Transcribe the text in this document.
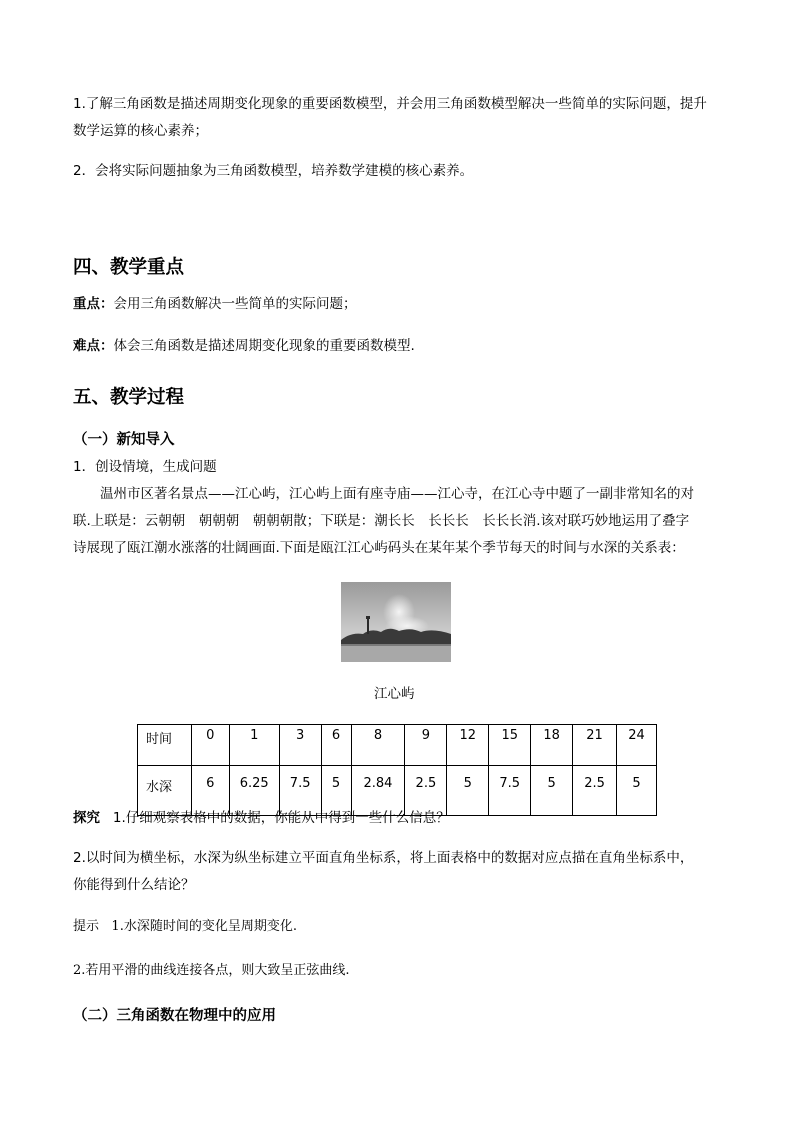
1.了解三角函数是描述周期变化现象的重要函数模型，并会用三角函数模型解决一些简单的实际问题，提升
数学运算的核心素养；
2．会将实际问题抽象为三角函数模型，培养数学建模的核心素养。
四、教学重点
重点：会用三角函数解决一些简单的实际问题；
难点：体会三角函数是描述周期变化现象的重要函数模型.
五、教学过程
（一）新知导入
1．创设情境，生成问题
温州市区著名景点——江心屿，江心屿上面有座寺庙——江心寺，在江心寺中题了一副非常知名的对
联.上联是：云朝朝　朝朝朝　朝朝朝散；下联是：潮长长　长长长　长长长消.该对联巧妙地运用了叠字
诗展现了瓯江潮水涨落的壮阔画面.下面是瓯江江心屿码头在某年某个季节每天的时间与水深的关系表：
江心屿
时间	0	1	3	6	8	9	12	15	18	21	24
水深	6	6.25	7.5	5	2.84	2.5	5	7.5	5	2.5	5
探究 1.仔细观察表格中的数据，你能从中得到一些什么信息？
2.以时间为横坐标，水深为纵坐标建立平面直角坐标系，将上面表格中的数据对应点描在直角坐标系中，
你能得到什么结论？
提示 1.水深随时间的变化呈周期变化.
2.若用平滑的曲线连接各点，则大致呈正弦曲线.
（二）三角函数在物理中的应用
